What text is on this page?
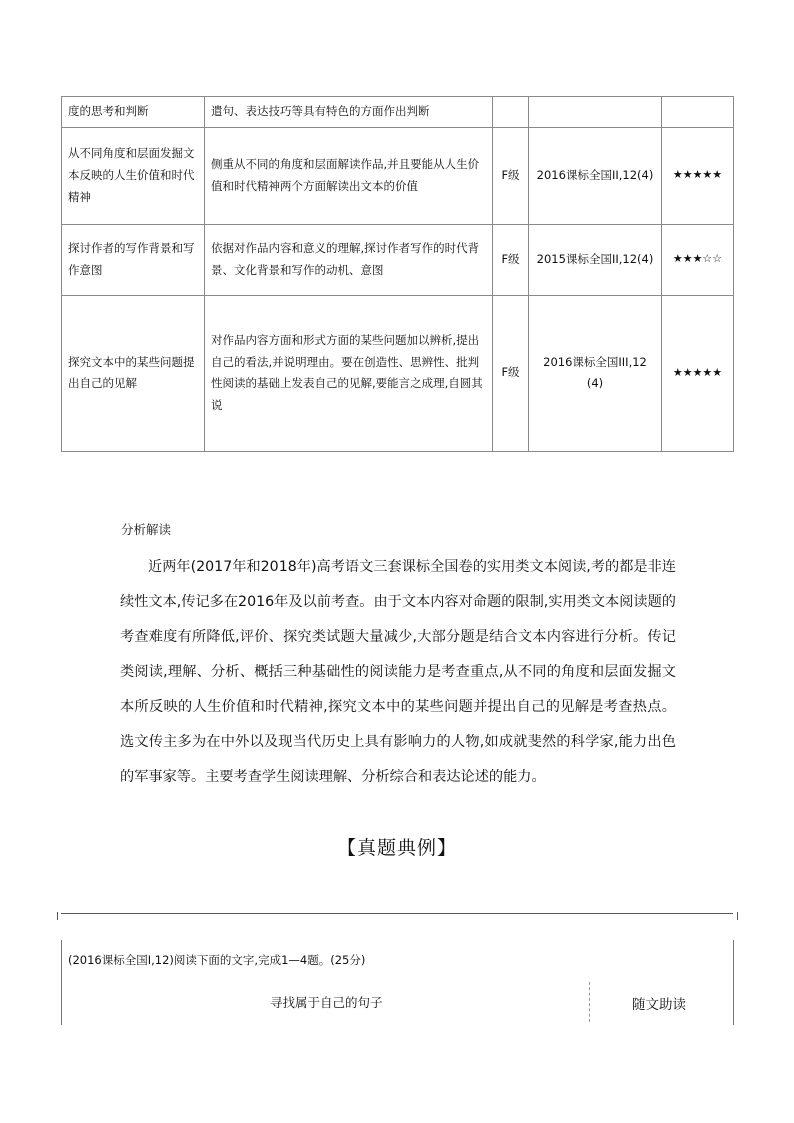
度的思考和判断	遣句、表达技巧等具有特色的方面作出判断			
从不同角度和层面发掘文本反映的人生价值和时代精神	侧重从不同的角度和层面解读作品,并且要能从人生价值和时代精神两个方面解读出文本的价值	F级	2016课标全国II,12(4)	★★★★★
探讨作者的写作背景和写作意图	依据对作品内容和意义的理解,探讨作者写作的时代背景、文化背景和写作的动机、意图	F级	2015课标全国II,12(4)	★★★☆☆
探究文本中的某些问题提出自己的见解	对作品内容方面和形式方面的某些问题加以辨析,提出自己的看法,并说明理由。要在创造性、思辨性、批判性阅读的基础上发表自己的见解,要能言之成理,自圆其说	F级	2016课标全国III,12(4)	★★★★★
分析解读
近两年(2017年和2018年)高考语文三套课标全国卷的实用类文本阅读,考的都是非连续性文本,传记多在2016年及以前考查。由于文本内容对命题的限制,实用类文本阅读题的考查难度有所降低,评价、探究类试题大量减少,大部分题是结合文本内容进行分析。传记类阅读,理解、分析、概括三种基础性的阅读能力是考查重点,从不同的角度和层面发掘文本所反映的人生价值和时代精神,探究文本中的某些问题并提出自己的见解是考查热点。选文传主多为在中外以及现当代历史上具有影响力的人物,如成就斐然的科学家,能力出色的军事家等。主要考查学生阅读理解、分析综合和表达论述的能力。
【真题典例】
(2016课标全国I,12)阅读下面的文字,完成1—4题。(25分)
寻找属于自己的句子	随文助读
